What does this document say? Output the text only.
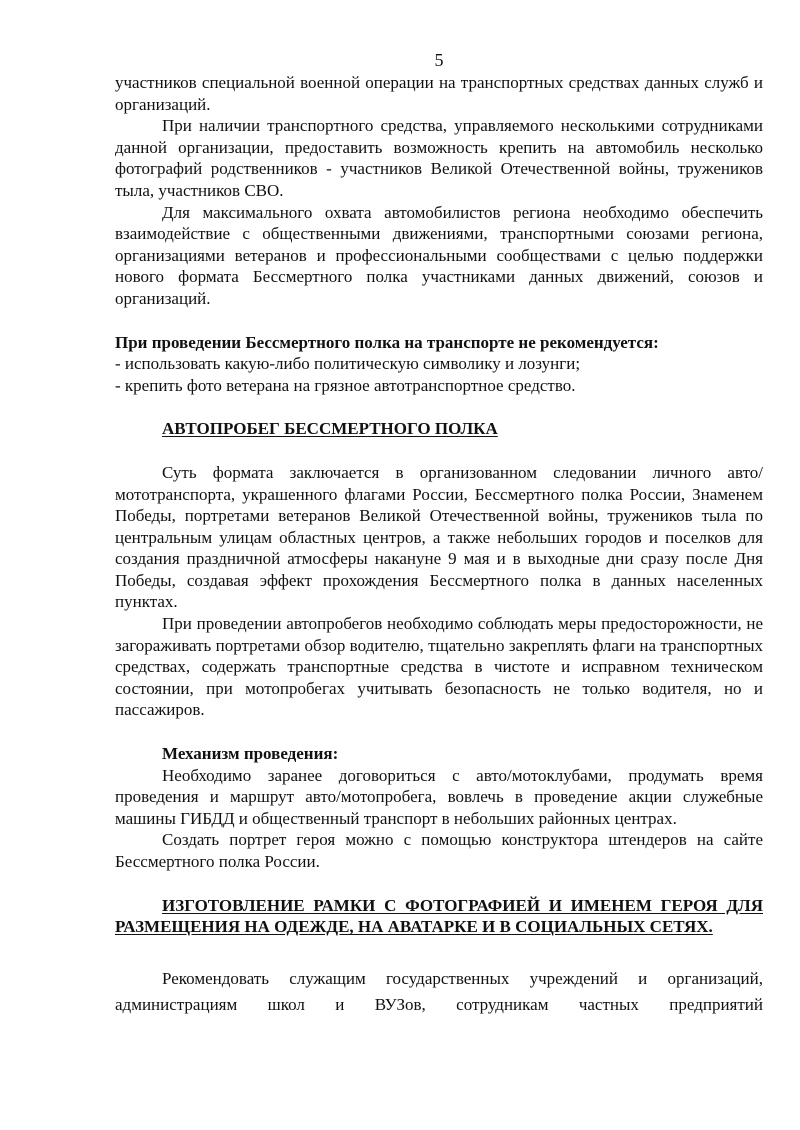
5

участников специальной военной операции на транспортных средствах данных служб и организаций.

При наличии транспортного средства, управляемого несколькими сотрудниками данной организации, предоставить возможность крепить на автомобиль несколько фотографий родственников - участников Великой Отечественной войны, тружеников тыла, участников СВО.

Для максимального охвата автомобилистов региона необходимо обеспечить взаимодействие с общественными движениями, транспортными союзами региона, организациями ветеранов и профессиональными сообществами с целью поддержки нового формата Бессмертного полка участниками данных движений, союзов и организаций.

При проведении Бессмертного полка на транспорте не рекомендуется:

- использовать какую-либо политическую символику и лозунги;

- крепить фото ветерана на грязное автотранспортное средство.

АВТОПРОБЕГ БЕССМЕРТНОГО ПОЛКА

Суть формата заключается в организованном следовании личного авто/мототранспорта, украшенного флагами России, Бессмертного полка России, Знаменем Победы, портретами ветеранов Великой Отечественной войны, тружеников тыла по центральным улицам областных центров, а также небольших городов и поселков для создания праздничной атмосферы накануне 9 мая и в выходные дни сразу после Дня Победы, создавая эффект прохождения Бессмертного полка в данных населенных пунктах.

При проведении автопробегов необходимо соблюдать меры предосторожности, не загораживать портретами обзор водителю, тщательно закреплять флаги на транспортных средствах, содержать транспортные средства в чистоте и исправном техническом состоянии, при мотопробегах учитывать безопасность не только водителя, но и пассажиров.

Механизм проведения:

Необходимо заранее договориться с авто/мотоклубами, продумать время проведения и маршрут авто/мотопробега, вовлечь в проведение акции служебные машины ГИБДД и общественный транспорт в небольших районных центрах.

Создать портрет героя можно с помощью конструктора штендеров на сайте Бессмертного полка России.

ИЗГОТОВЛЕНИЕ РАМКИ С ФОТОГРАФИЕЙ И ИМЕНЕМ ГЕРОЯ ДЛЯ РАЗМЕЩЕНИЯ НА ОДЕЖДЕ, НА АВАТАРКЕ И В СОЦИАЛЬНЫХ СЕТЯХ.

Рекомендовать служащим государственных учреждений и организаций, администрациям школ и ВУЗов, сотрудникам частных предприятий
